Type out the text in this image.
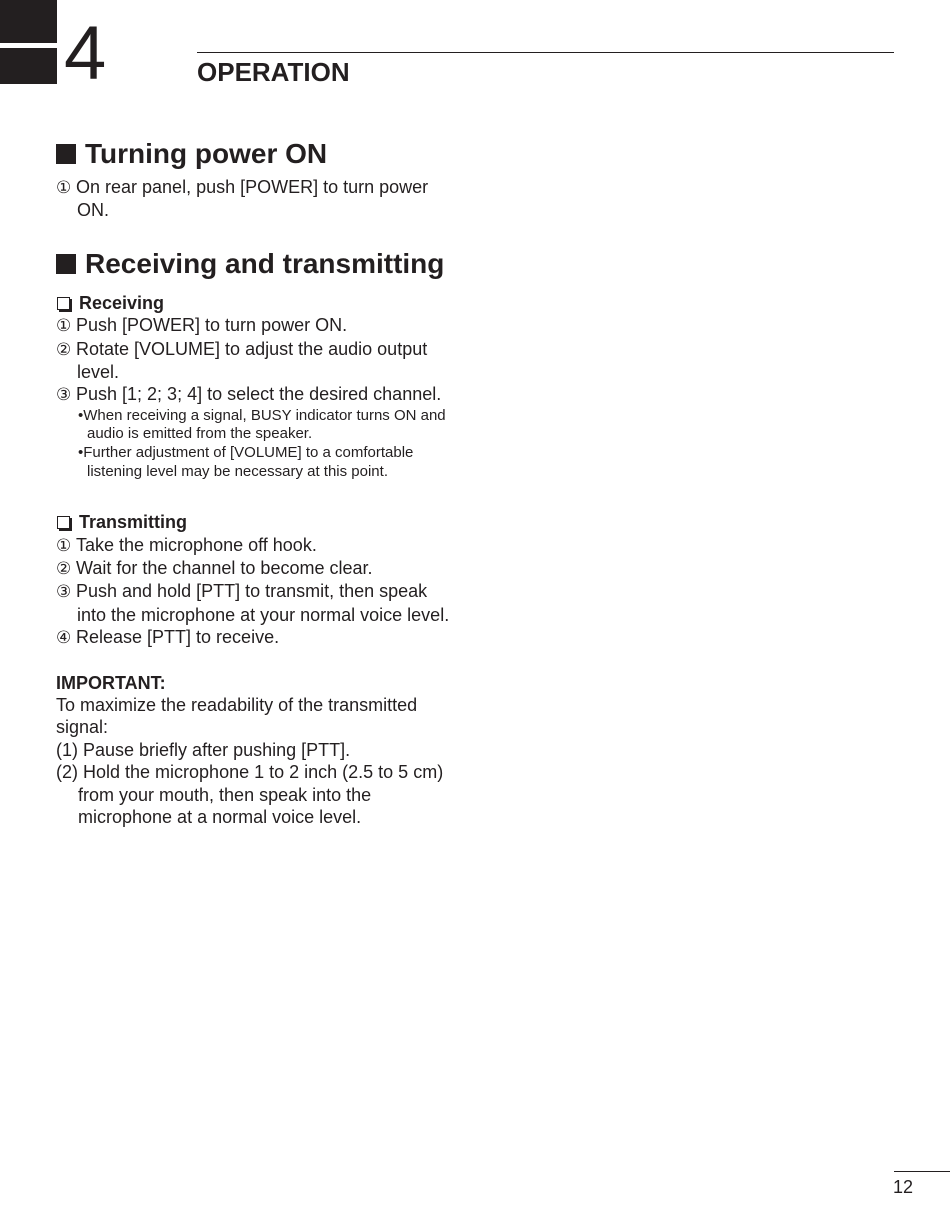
4	OPERATION
Turning power ON

① On rear panel, push [POWER] to turn power ON.

Receiving and transmitting
Receiving

① Push [POWER] to turn power ON.

② Rotate [VOLUME] to adjust the audio output level.

③ Push [1; 2; 3; 4] to select the desired channel.

•When receiving a signal, BUSY indicator turns ON and audio is emitted from the speaker.

•Further adjustment of [VOLUME] to a comfortable listening level may be necessary at this point.

Transmitting

① Take the microphone off hook.

② Wait for the channel to become clear.

③ Push and hold [PTT] to transmit, then speak into the microphone at your normal voice level.

④ Release [PTT] to receive.

IMPORTANT:

To maximize the readability of the transmitted signal:

(1) Pause briefly after pushing [PTT].

(2) Hold the microphone 1 to 2 inch (2.5 to 5 cm) from your mouth, then speak into the microphone at a normal voice level.

12
